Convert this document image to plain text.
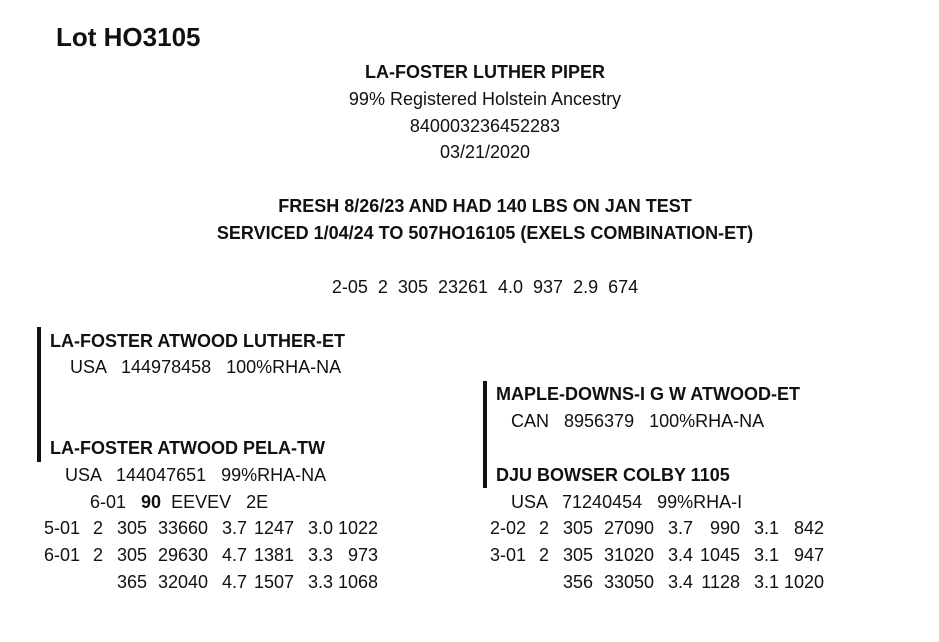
Lot HO3105
LA-FOSTER LUTHER PIPER
99% Registered Holstein Ancestry
840003236452283
03/21/2020
FRESH 8/26/23 AND HAD 140 LBS ON JAN TEST
SERVICED 1/04/24 TO 507HO16105 (EXELS COMBINATION-ET)
2-05  2  305  23261  4.0  937  2.9  674
LA-FOSTER ATWOOD LUTHER-ET
USA   144978458   100%RHA-NA
LA-FOSTER ATWOOD PELA-TW
USA   144047651   99%RHA-NA
6-01 90 EEVEV 2E
5-01 2 305 33660 3.7 1247 3.0 1022
6-01 2 305 29630 4.7 1381 3.3 973
365 32040 4.7 1507 3.3 1068
MAPLE-DOWNS-I G W ATWOOD-ET
CAN   8956379   100%RHA-NA
DJU BOWSER COLBY 1105
USA   71240454   99%RHA-I
2-02 2 305 27090 3.7 990 3.1 842
3-01 2 305 31020 3.4 1045 3.1 947
356 33050 3.4 1128 3.1 1020
